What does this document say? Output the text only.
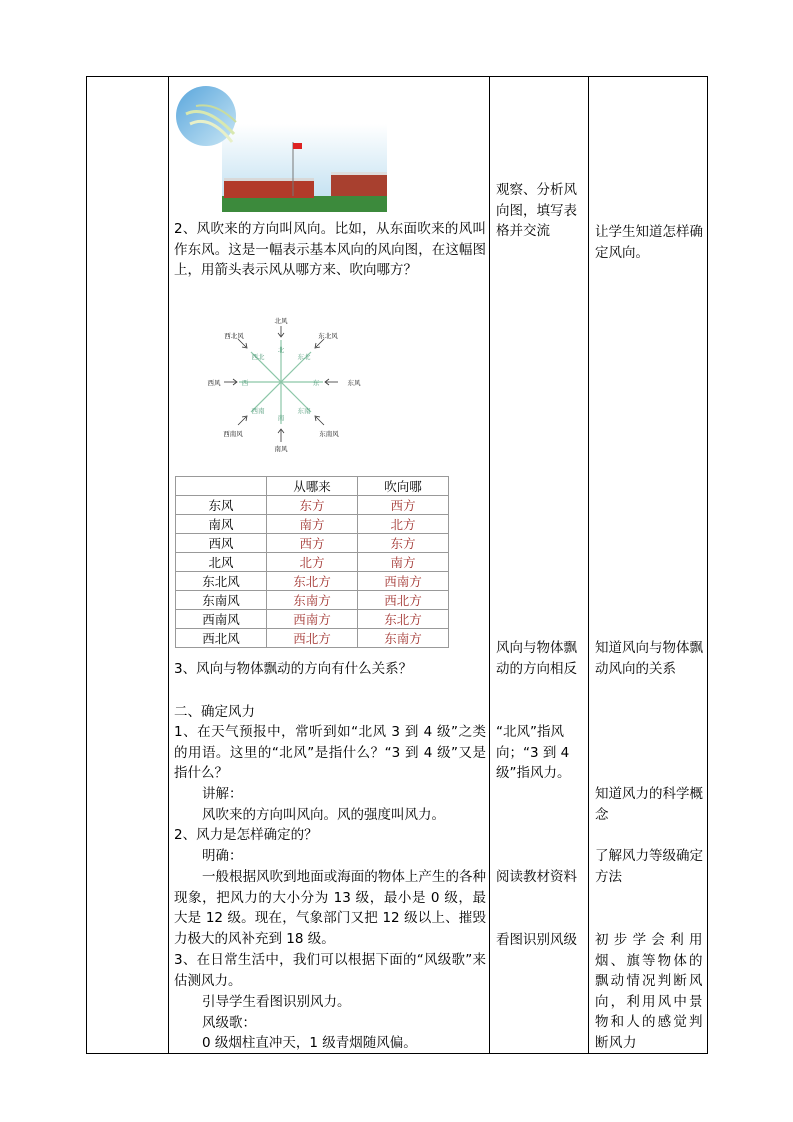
2、风吹来的方向叫风向。比如，从东面吹来的风叫作东风。这是一幅表示基本风向的风向图，在这幅图上，用箭头表示风从哪方来、吹向哪方？
北
南
东
西
东北
西北
东南
西南
北风
南风
东风
西风
东北风
西北风
东南风
西南风
	从哪来	吹向哪
东风	东方	西方
南风	南方	北方
西风	西方	东方
北风	北方	南方
东北风	东北方	西南方
东南风	东南方	西北方
西南风	西南方	东北方
西北风	西北方	东南方
3、风向与物体飘动的方向有什么关系？
二、确定风力
1、在天气预报中，常听到如“北风 3 到 4 级”之类的用语。这里的“北风”是指什么？“3 到 4 级”又是指什么？
讲解：
风吹来的方向叫风向。风的强度叫风力。
2、风力是怎样确定的？
明确：
一般根据风吹到地面或海面的物体上产生的各种现象，把风力的大小分为 13 级，最小是 0 级，最大是 12 级。现在，气象部门又把 12 级以上、摧毁力极大的风补充到 18 级。
3、在日常生活中，我们可以根据下面的“风级歌”来估测风力。
引导学生看图识别风力。
风级歌：
0 级烟柱直冲天，1 级青烟随风偏。
观察、分析风向图，填写表格并交流
风向与物体飘动的方向相反
“北风”指风向；“3 到 4 级”指风力。
阅读教材资料
看图识别风级
让学生知道怎样确定风向。
知道风向与物体飘动风向的关系
知道风力的科学概念
了解风力等级确定方法
初步学会利用烟、旗等物体的飘动情况判断风向，利用风中景物和人的感觉判断风力
